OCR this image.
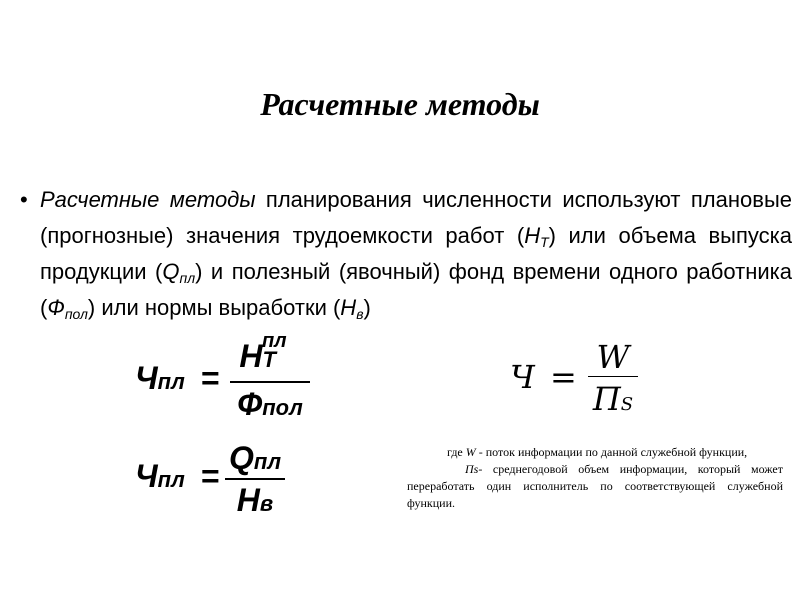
Расчетные методы
• Расчетные методы планирования численности используют плановые (прогнозные) значения трудоемкости работ $(Н_Т)$ или объема выпуска продукции $(Q_{пл})$ и полезный (явочный) фонд времени одного работника $(Ф_{пол})$ или нормы выработки $(Н_в)$
Чпл =
$НТ^{пл}$
Фпол
Чпл = Qпл
Нв
Ч =
W
ПS

где W - поток информации по данной служебной функции,

Пs- среднегодовой объем информации, который может переработать один исполнитель по соответствующей служебной функции.
